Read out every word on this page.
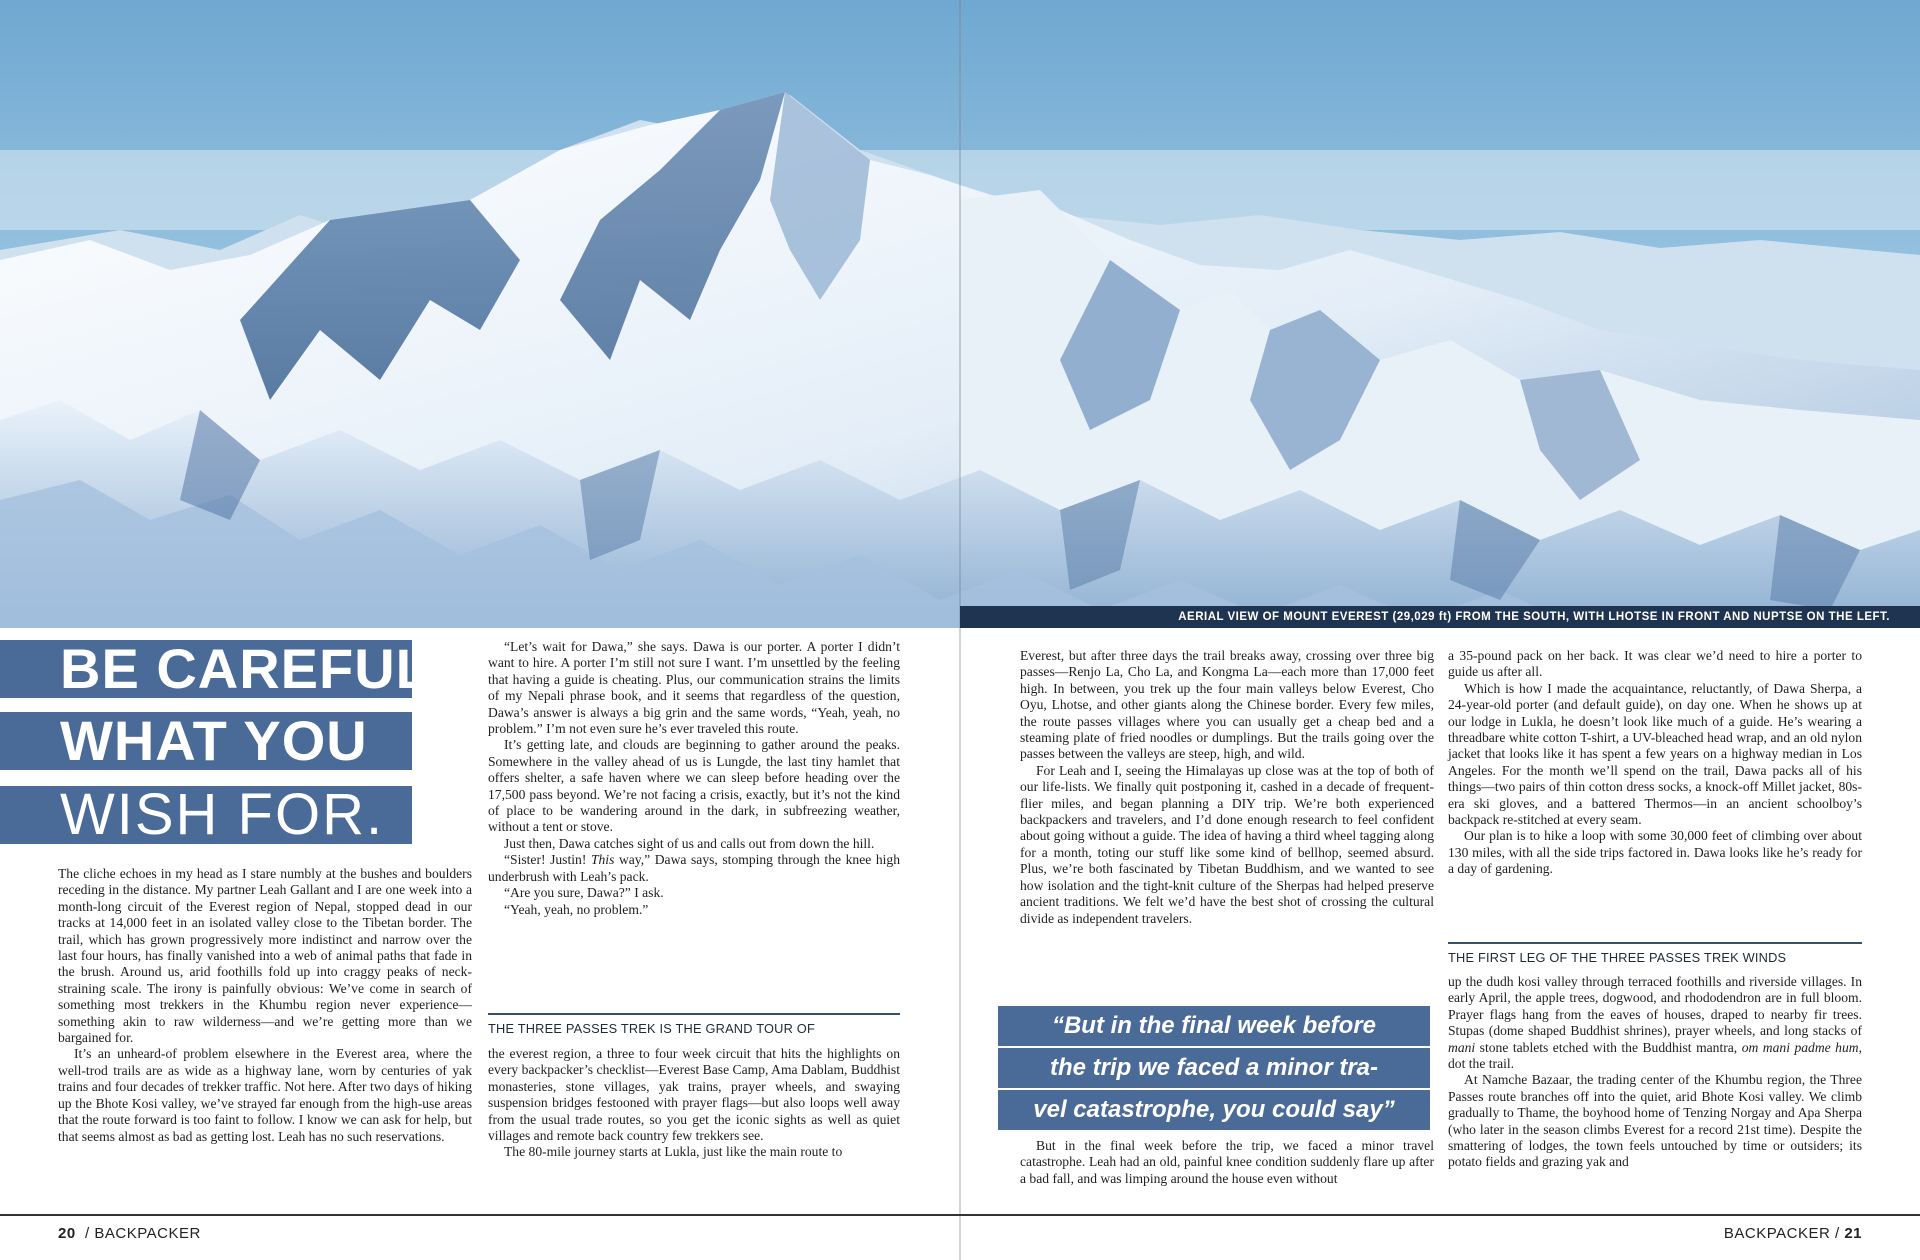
AERIAL VIEW OF MOUNT EVEREST (29,029 ft) FROM THE SOUTH, WITH LHOTSE IN FRONT AND NUPTSE ON THE LEFT.
BE CAREFUL
WHAT YOU
WISH FOR.

The cliche echoes in my head as I stare numbly at the bushes and boulders receding in the distance. My partner Leah Gallant and I are one week into a month-long circuit of the Everest region of Nepal, stopped dead in our tracks at 14,000 feet in an isolated valley close to the Tibetan border. The trail, which has grown progressively more indistinct and narrow over the last four hours, has finally vanished into a web of animal paths that fade in the brush. Around us, arid foothills fold up into craggy peaks of neck-straining scale. The irony is painfully obvious: We’ve come in search of something most trekkers in the Khumbu region never experience—something akin to raw wilderness—and we’re getting more than we bargained for.

It’s an unheard-of problem elsewhere in the Everest area, where the well-trod trails are as wide as a highway lane, worn by centuries of yak trains and four decades of trekker traffic. Not here. After two days of hiking up the Bhote Kosi valley, we’ve strayed far enough from the high-use areas that the route forward is too faint to follow. I know we can ask for help, but that seems almost as bad as getting lost. Leah has no such reservations.

“Let’s wait for Dawa,” she says. Dawa is our porter. A porter I didn’t want to hire. A porter I’m still not sure I want. I’m unsettled by the feeling that having a guide is cheating. Plus, our communication strains the limits of my Nepali phrase book, and it seems that regardless of the question, Dawa’s answer is always a big grin and the same words, “Yeah, yeah, no problem.” I’m not even sure he’s ever traveled this route.

It’s getting late, and clouds are beginning to gather around the peaks. Somewhere in the valley ahead of us is Lungde, the last tiny hamlet that offers shelter, a safe haven where we can sleep before heading over the 17,500 pass beyond. We’re not facing a crisis, exactly, but it’s not the kind of place to be wandering around in the dark, in subfreezing weather, without a tent or stove.

Just then, Dawa catches sight of us and calls out from down the hill.

“Sister! Justin! This way,” Dawa says, stomping through the knee high underbrush with Leah’s pack.

“Are you sure, Dawa?” I ask.

“Yeah, yeah, no problem.”

THE THREE PASSES TREK IS THE GRAND TOUR OF

the everest region, a three to four week circuit that hits the highlights on every backpacker’s checklist—Everest Base Camp, Ama Dablam, Buddhist monasteries, stone villages, yak trains, prayer wheels, and swaying suspension bridges festooned with prayer flags—but also loops well away from the usual trade routes, so you get the iconic sights as well as quiet villages and remote back country few trekkers see.

The 80-mile journey starts at Lukla, just like the main route to

Everest, but after three days the trail breaks away, crossing over three big passes—Renjo La, Cho La, and Kongma La—each more than 17,000 feet high. In between, you trek up the four main valleys below Everest, Cho Oyu, Lhotse, and other giants along the Chinese border. Every few miles, the route passes villages where you can usually get a cheap bed and a steaming plate of fried noodles or dumplings. But the trails going over the passes between the valleys are steep, high, and wild.

For Leah and I, seeing the Himalayas up close was at the top of both of our life-lists. We finally quit postponing it, cashed in a decade of frequent-flier miles, and began planning a DIY trip. We’re both experienced backpackers and travelers, and I’d done enough research to feel confident about going without a guide. The idea of having a third wheel tagging along for a month, toting our stuff like some kind of bellhop, seemed absurd. Plus, we’re both fascinated by Tibetan Buddhism, and we wanted to see how isolation and the tight-knit culture of the Sherpas had helped preserve ancient traditions. We felt we’d have the best shot of crossing the cultural divide as independent travelers.

“But in the final week before
the trip we faced a minor tra-
vel catastrophe, you could say”

But in the final week before the trip, we faced a minor travel catastrophe. Leah had an old, painful knee condition suddenly flare up after a bad fall, and was limping around the house even without

a 35-pound pack on her back. It was clear we’d need to hire a porter to guide us after all.

Which is how I made the acquaintance, reluctantly, of Dawa Sherpa, a 24-year-old porter (and default guide), on day one. When he shows up at our lodge in Lukla, he doesn’t look like much of a guide. He’s wearing a threadbare white cotton T-shirt, a UV-bleached head wrap, and an old nylon jacket that looks like it has spent a few years on a highway median in Los Angeles. For the month we’ll spend on the trail, Dawa packs all of his things—two pairs of thin cotton dress socks, a knock-off Millet jacket, 80s-era ski gloves, and a battered Thermos—in an ancient schoolboy’s backpack re-stitched at every seam.

Our plan is to hike a loop with some 30,000 feet of climbing over about 130 miles, with all the side trips factored in. Dawa looks like he’s ready for a day of gardening.

THE FIRST LEG OF THE THREE PASSES TREK WINDS

up the dudh kosi valley through terraced foothills and riverside villages. In early April, the apple trees, dogwood, and rhododendron are in full bloom. Prayer flags hang from the eaves of houses, draped to nearby fir trees. Stupas (dome shaped Buddhist shrines), prayer wheels, and long stacks of mani stone tablets etched with the Buddhist mantra, om mani padme hum, dot the trail.

At Namche Bazaar, the trading center of the Khumbu region, the Three Passes route branches off into the quiet, arid Bhote Kosi valley. We climb gradually to Thame, the boyhood home of Tenzing Norgay and Apa Sherpa (who later in the season climbs Everest for a record 21st time). Despite the smattering of lodges, the town feels untouched by time or outsiders; its potato fields and grazing yak and

20 / BACKPACKER	BACKPACKER / 21
